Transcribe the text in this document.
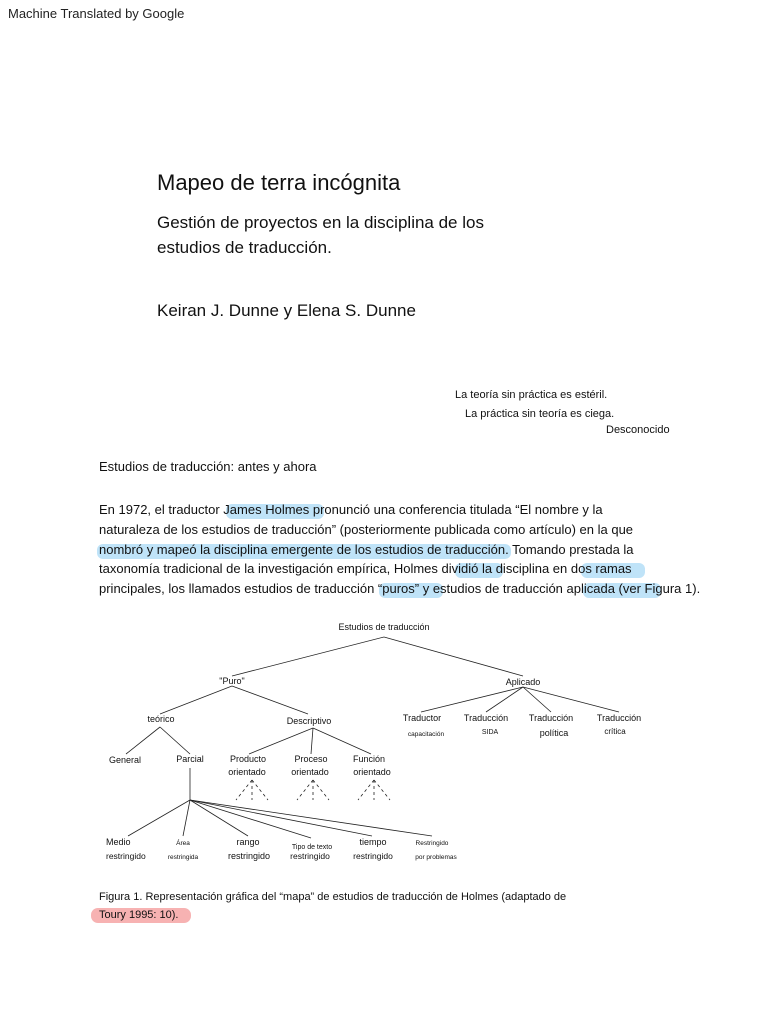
Machine Translated by Google
Mapeo de terra incógnita
Gestión de proyectos en la disciplina de los
estudios de traducción.
Keiran J. Dunne y Elena S. Dunne
La teoría sin práctica es estéril.
La práctica sin teoría es ciega.
Desconocido
Estudios de traducción: antes y ahora
En 1972, el traductor James Holmes pronunció una conferencia titulada “El nombre y la
naturaleza de los estudios de traducción” (posteriormente publicada como artículo) en la que
nombró y mapeó la disciplina emergente de los estudios de traducción. Tomando prestada la
taxonomía tradicional de la investigación empírica, Holmes dividió la disciplina en dos ramas
principales, los llamados estudios de traducción “puros” y estudios de traducción aplicada (ver Figura 1).
Estudios de traducción
"Puro"	Aplicado
teórico	Descriptivo
General	Parcial	Producto
orientado
Proceso
orientado
Función
orientado
Traductor
capacitación
Traducción
SIDA
Traducción
política
Traducción
crítica
Medio
restringido
Área
restringida
rango
restringido
Tipo de texto
restringido
tiempo
restringido
Restringido
por problemas
Figura 1. Representación gráfica del “mapa” de estudios de traducción de Holmes (adaptado de
Toury 1995: 10).
